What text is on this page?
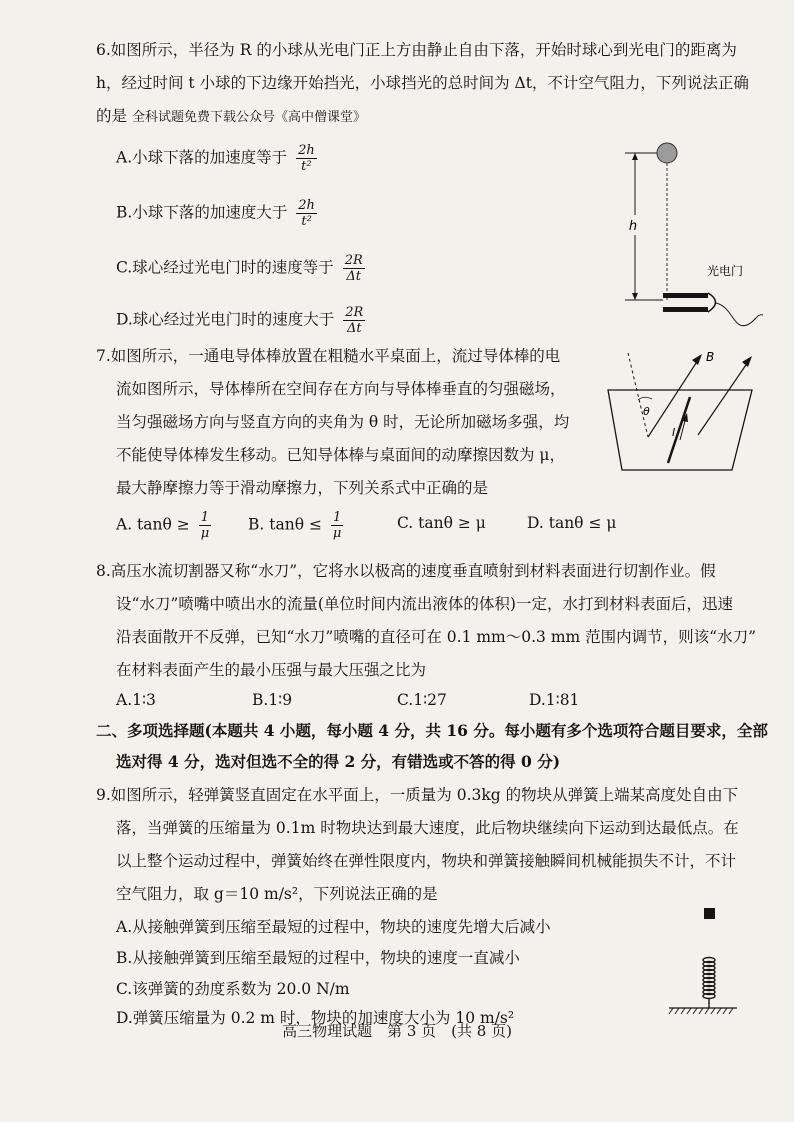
6.如图所示，半径为 R 的小球从光电门正上方由静止自由下落，开始时球心到光电门的距离为
h，经过时间 t 小球的下边缘开始挡光，小球挡光的总时间为 Δt，不计空气阻力，下列说法正确
的是 全科试题免费下载公众号《高中僧课堂》
A.小球下落的加速度等于 $\frac{2h}{\text{t²}}$
B.小球下落的加速度大于 $\frac{2h}{\text{t²}}$
C.球心经过光电门时的速度等于 $\frac{2R}{\Delta t}$
D.球心经过光电门时的速度大于 $\frac{2R}{\Delta t}$
h
光电门
7.如图所示，一通电导体棒放置在粗糙水平桌面上，流过导体棒的电
流如图所示，导体棒所在空间存在方向与导体棒垂直的匀强磁场，
当匀强磁场方向与竖直方向的夹角为 θ 时，无论所加磁场多强，均
不能使导体棒发生移动。已知导体棒与桌面间的动摩擦因数为 μ，
最大静摩擦力等于滑动摩擦力，下列关系式中正确的是
A. $\tan\theta \ge \frac{1}{\mu} B$. $\tan\theta \le \frac{1}{\mu}$	C. tanθ ≥ μ	D. tanθ ≤ μ
B
θ
I
8.高压水流切割器又称“水刀”，它将水以极高的速度垂直喷射到材料表面进行切割作业。假
设“水刀”喷嘴中喷出水的流量(单位时间内流出液体的体积)一定，水打到材料表面后，迅速
沿表面散开不反弹，已知“水刀”喷嘴的直径可在 0.1 mm～0.3 mm 范围内调节，则该“水刀”
在材料表面产生的最小压强与最大压强之比为
A.1∶3	B.1∶9	C.1∶27	D.1∶81
二、多项选择题(本题共 4 小题，每小题 4 分，共 16 分。每小题有多个选项符合题目要求，全部
选对得 4 分，选对但选不全的得 2 分，有错选或不答的得 0 分)
9.如图所示，轻弹簧竖直固定在水平面上，一质量为 0.3kg 的物块从弹簧上端某高度处自由下
落，当弹簧的压缩量为 0.1m 时物块达到最大速度，此后物块继续向下运动到达最低点。在
以上整个运动过程中，弹簧始终在弹性限度内，物块和弹簧接触瞬间机械能损失不计，不计
空气阻力，取 g＝10 m/s²，下列说法正确的是
A.从接触弹簧到压缩至最短的过程中，物块的速度先增大后减小
B.从接触弹簧到压缩至最短的过程中，物块的速度一直减小
C.该弹簧的劲度系数为 20.0 N/m
D.弹簧压缩量为 0.2 m 时，物块的加速度大小为 10 m/s²
高三物理试题　第 3 页　(共 8 页)
